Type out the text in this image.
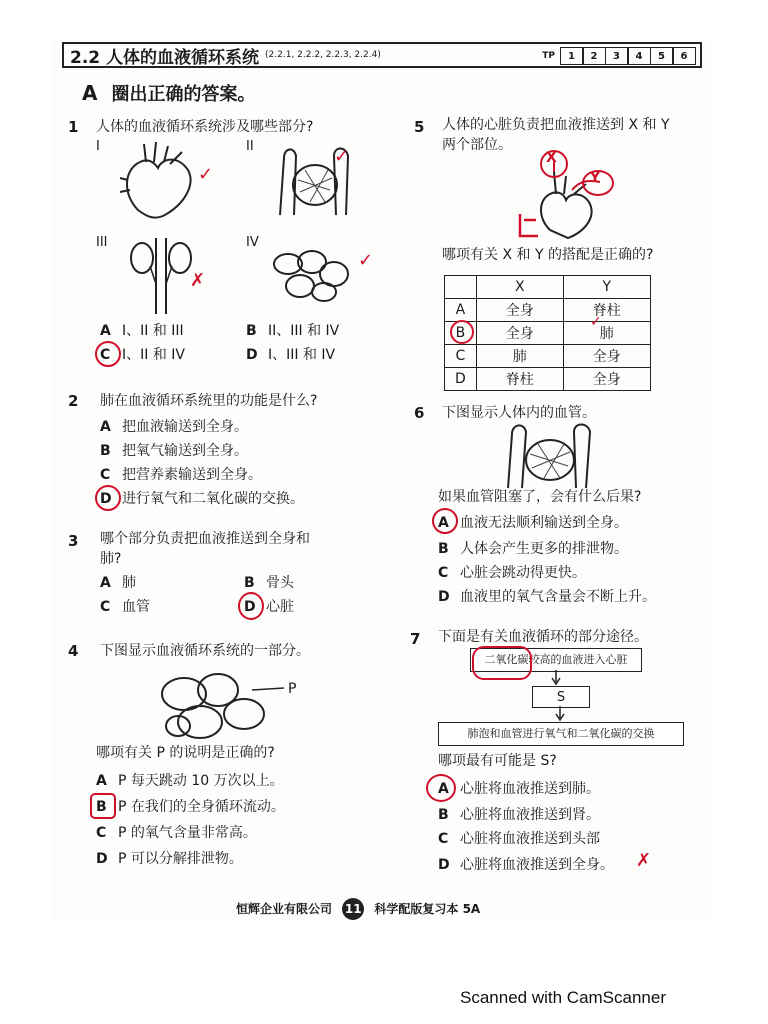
2.2 人体的血液循环系统 (2.2.1, 2.2.2, 2.2.3, 2.2.4)	TP	1	2	3	4	5	6
A 圈出正确的答案。
1 人体的血液循环系统涉及哪些部分?
I	II
III	IV
✓
✓
✗
✓
A I、II 和 III	B II、III 和 IV
C I、II 和 IV	D I、III 和 IV
2 肺在血液循环系统里的功能是什么?
A 把血液输送到全身。
B 把氧气输送到全身。
C 把营养素输送到全身。
D 进行氧气和二氧化碳的交换。
3 哪个部分负责把血液推送到全身和
肺?
A 肺	B 骨头
C 血管	D 心脏
4 下图显示血液循环系统的一部分。
P
哪项有关 P 的说明是正确的?
A P 每天跳动 10 万次以上。
B P 在我们的全身循环流动。
C P 的氧气含量非常高。
D P 可以分解排泄物。
5 人体的心脏负责把血液推送到 X 和 Y
两个部位。
X
Y
哪项有关 X 和 Y 的搭配是正确的?
	X	Y
A	全身	脊柱
B	全身	肺
C	肺	全身
D	脊柱	全身
✓
6 下图显示人体内的血管。
如果血管阻塞了，会有什么后果?
A 血液无法顺利输送到全身。
B 人体会产生更多的排泄物。
C 心脏会跳动得更快。
D 血液里的氧气含量会不断上升。
7 下面是有关血液循环的部分途径。
二氧化碳较高的血液进入心脏
S
肺泡和血管进行氧气和二氧化碳的交换
哪项最有可能是 S?
A 心脏将血液推送到肺。
B 心脏将血液推送到肾。
C 心脏将血液推送到头部
D 心脏将血液推送到全身。 ✗
恒辉企业有限公司 11 科学配版复习本 5A
Scanned with CamScanner
